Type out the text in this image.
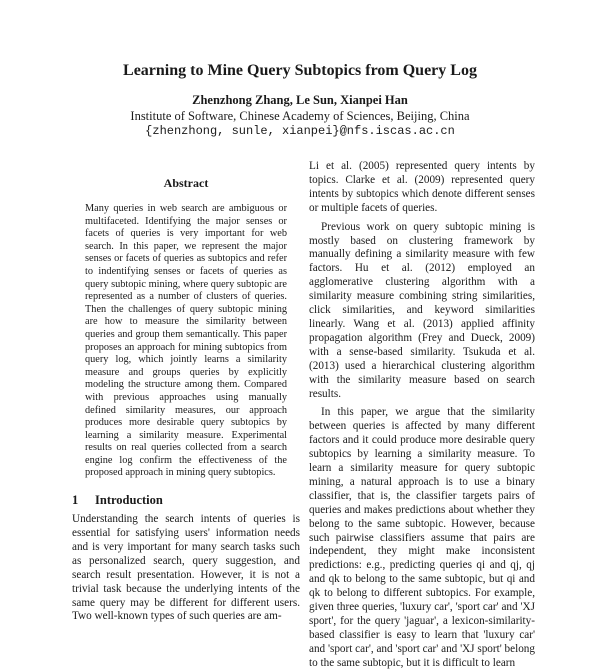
Learning to Mine Query Subtopics from Query Log
Zhenzhong Zhang, Le Sun, Xianpei Han
Institute of Software, Chinese Academy of Sciences, Beijing, China
{zhenzhong, sunle, xianpei}@nfs.iscas.ac.cn
Abstract
Many queries in web search are ambiguous or multifaceted. Identifying the major senses or facets of queries is very important for web search. In this paper, we represent the major senses or facets of queries as subtopics and refer to indentifying senses or facets of queries as query subtopic mining, where query subtopic are represented as a number of clusters of queries. Then the challenges of query subtopic mining are how to measure the similarity between queries and group them semantically. This paper proposes an approach for mining subtopics from query log, which jointly learns a similarity measure and groups queries by explicitly modeling the structure among them. Compared with previous approaches using manually defined similarity measures, our approach produces more desirable query subtopics by learning a similarity measure. Experimental results on real queries collected from a search engine log confirm the effectiveness of the proposed approach in mining query subtopics.
1 Introduction

Understanding the search intents of queries is essential for satisfying users' information needs and is very important for many search tasks such as personalized search, query suggestion, and search result presentation. However, it is not a trivial task because the underlying intents of the same query may be different for different users. Two well-known types of such queries are am-

Li et al. (2005) represented query intents by topics. Clarke et al. (2009) represented query intents by subtopics which denote different senses or multiple facets of queries.

Previous work on query subtopic mining is mostly based on clustering framework by manually defining a similarity measure with few factors. Hu et al. (2012) employed an agglomerative clustering algorithm with a similarity measure combining string similarities, click similarities, and keyword similarities linearly. Wang et al. (2013) applied affinity propagation algorithm (Frey and Dueck, 2009) with a sense-based similarity. Tsukuda et al. (2013) used a hierarchical clustering algorithm with the similarity measure based on search results.

In this paper, we argue that the similarity between queries is affected by many different factors and it could produce more desirable query subtopics by learning a similarity measure. To learn a similarity measure for query subtopic mining, a natural approach is to use a binary classifier, that is, the classifier targets pairs of queries and makes predictions about whether they belong to the same subtopic. However, because such pairwise classifiers assume that pairs are independent, they might make inconsistent predictions: e.g., predicting queries qi and qj, qj and qk to belong to the same subtopic, but qi and qk to belong to different subtopics. For example, given three queries, 'luxury car', 'sport car' and 'XJ sport', for the query 'jaguar', a lexicon-similarity-based classifier is easy to learn that 'luxury car' and 'sport car', and 'sport car' and 'XJ sport' belong to the same subtopic, but it is difficult to learn
